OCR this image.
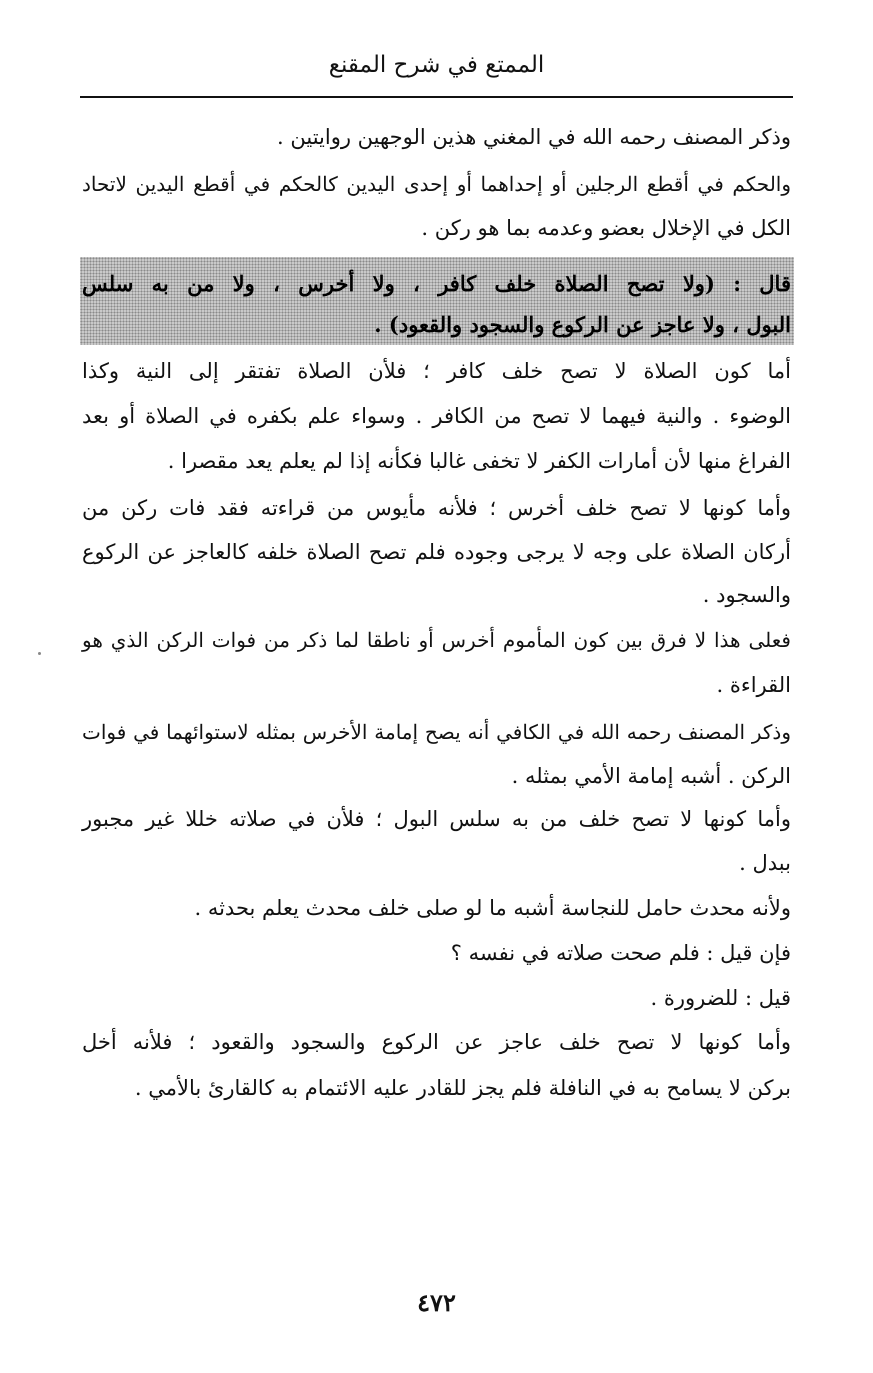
الممتع في شرح المقنع
وذكر المصنف رحمه الله في المغني هذين الوجهين روايتين .
والحكم في أقطع الرجلين أو إحداهما أو إحدى اليدين كالحكم في أقطع اليدين لاتحاد
الكل في الإخلال بعضو وعدمه بما هو ركن .
قال : (ولا تصح الصلاة خلف كافر ، ولا أخرس ، ولا من به سلس
البول ، ولا عاجز عن الركوع والسجود والقعود) .
أما كون الصلاة لا تصح خلف كافر ؛ فلأن الصلاة تفتقر إلى النية وكذا
الوضوء . والنية فيهما لا تصح من الكافر . وسواء علم بكفره في الصلاة أو بعد
الفراغ منها لأن أمارات الكفر لا تخفى غالبا فكأنه إذا لم يعلم يعد مقصرا .
وأما كونها لا تصح خلف أخرس ؛ فلأنه مأيوس من قراءته فقد فات ركن من
أركان الصلاة على وجه لا يرجى وجوده فلم تصح الصلاة خلفه كالعاجز عن الركوع
والسجود .
فعلى هذا لا فرق بين كون المأموم أخرس أو ناطقا لما ذكر من فوات الركن الذي هو
القراءة .
وذكر المصنف رحمه الله في الكافي أنه يصح إمامة الأخرس بمثله لاستوائهما في فوات
الركن . أشبه إمامة الأمي بمثله .
وأما كونها لا تصح خلف من به سلس البول ؛ فلأن في صلاته خللا غير مجبور
ببدل .
ولأنه محدث حامل للنجاسة أشبه ما لو صلى خلف محدث يعلم بحدثه .
فإن قيل : فلم صحت صلاته في نفسه ؟
قيل : للضرورة .
وأما كونها لا تصح خلف عاجز عن الركوع والسجود والقعود ؛ فلأنه أخل
بركن لا يسامح به في النافلة فلم يجز للقادر عليه الائتمام به كالقارئ بالأمي .
٤٧٢
